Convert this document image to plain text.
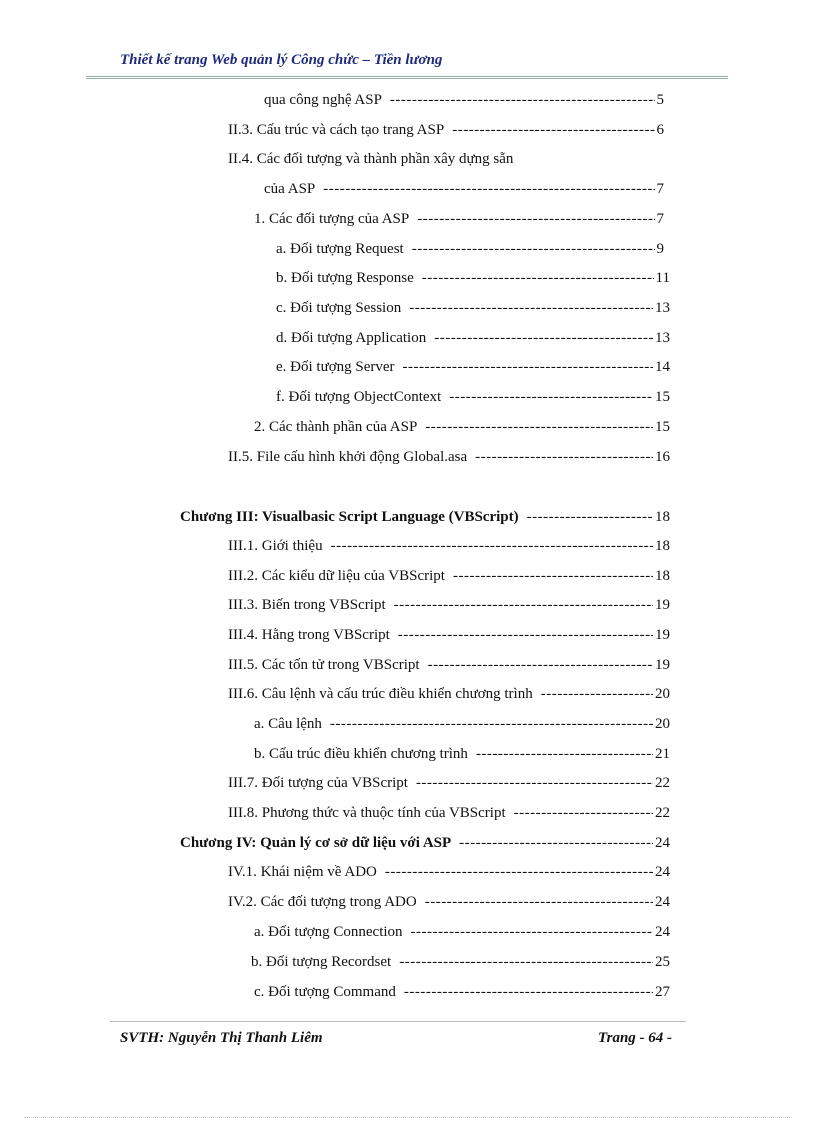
Thiết kế trang Web quản lý Công chức – Tiền lương
qua công nghệ ASP -----	5
II.3. Cấu trúc và cách tạo trang ASP -----	6
II.4. Các đối tượng và thành phần xây dựng sẵn
của ASP -----	7
1. Các đối tượng của ASP -----	7
a. Đối tượng Request -----	9
b. Đối tượng Response -----	11
c. Đối tượng Session -----	13
d. Đối tượng Application -----	13
e. Đối tượng Server -----	14
f. Đối tượng ObjectContext -----	15
2. Các thành phần của ASP -----	15
II.5. File cấu hình khởi động Global.asa -----	16
Chương III: Visualbasic Script Language (VBScript) -----	18
III.1. Giới thiệu -----	18
III.2. Các kiểu dữ liệu của VBScript -----	18
III.3. Biến trong VBScript -----	19
III.4. Hằng trong VBScript -----	19
III.5. Các tốn tử trong VBScript -----	19
III.6. Câu lệnh và cấu trúc điều khiển chương trình -----	20
a. Câu lệnh -----	20
b. Cấu trúc điều khiển chương trình -----	21
III.7. Đối tượng của VBScript -----	22
III.8. Phương thức và thuộc tính của VBScript -----	22
Chương IV: Quản lý cơ sở dữ liệu với ASP -----	24
IV.1. Khái niệm về ADO -----	24
IV.2. Các đối tượng trong ADO -----	24
a. Đối tượng Connection -----	24
b. Đối tượng Recordset -----	25
c. Đối tượng Command -----	27
SVTH: Nguyễn Thị Thanh Liêm	Trang - 64 -
